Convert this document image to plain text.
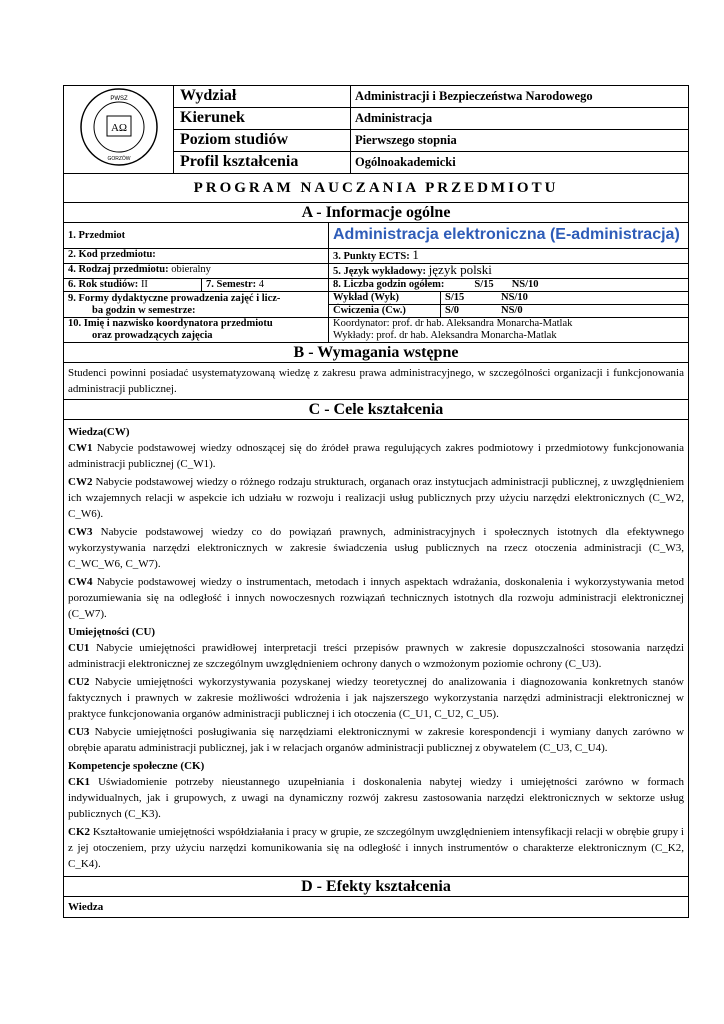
AΩ
PWSZ
GORZÓW	Wydział	Administracji i Bezpieczeństwa Narodowego
	Kierunek	Administracja
	Poziom studiów	Pierwszego stopnia
	Profil kształcenia	Ogólnoakademicki
PROGRAM NAUCZANIA PRZEDMIOTU
A - Informacje ogólne
1. Przedmiot		Administracja elektroniczna (E-administracja)	
2. Kod przedmiotu:		3. Punkty ECTS: 1	
4. Rodzaj przedmiotu: obieralny		5. Język wykładowy: język polski	
6. Rok studiów: II	7. Semestr: 4	8. Liczba godzin ogółem: S/15 NS/10	
9. Formy dydaktyczne prowadzenia zajęć i licz-
ba godzin w semestrze:		Wykład (Wyk)	S/15 NS/10
		Ćwiczenia (Ćw.)	S/0 NS/0
10. Imię i nazwisko koordynatora przedmiotu
oraz prowadzących zajęcia		Koordynator: prof. dr hab. Aleksandra Monarcha-Matlak
Wykłady: prof. dr hab. Aleksandra Monarcha-Matlak	
B - Wymagania wstępne
Studenci powinni posiadać usystematyzowaną wiedzę z zakresu prawa administracyjnego, w szczególności organizacji i funkcjonowania administracji publicznej.
C - Cele kształcenia

Wiedza(CW)

CW1 Nabycie podstawowej wiedzy odnoszącej się do źródeł prawa regulujących zakres podmiotowy i przedmiotowy funkcjonowania administracji publicznej (C_W1).

CW2 Nabycie podstawowej wiedzy o różnego rodzaju strukturach, organach oraz instytucjach administracji publicznej, z uwzględnieniem ich wzajemnych relacji w aspekcie ich udziału w rozwoju i realizacji usług publicznych przy użyciu narzędzi elektronicznych (C_W2, C_W6).

CW3 Nabycie podstawowej wiedzy co do powiązań prawnych, administracyjnych i społecznych istotnych dla efektywnego wykorzystywania narzędzi elektronicznych w zakresie świadczenia usług publicznych na rzecz otoczenia administracji (C_W3, C_WC_W6, C_W7).

CW4 Nabycie podstawowej wiedzy o instrumentach, metodach i innych aspektach wdrażania, doskonalenia i wykorzystywania metod porozumiewania się na odległość i innych nowoczesnych rozwiązań technicznych istotnych dla rozwoju administracji elektronicznej (C_W7).

Umiejętności (CU)

CU1 Nabycie umiejętności prawidłowej interpretacji treści przepisów prawnych w zakresie dopuszczalności stosowania narzędzi administracji elektronicznej ze szczególnym uwzględnieniem ochrony danych o wzmożonym poziomie ochrony (C_U3).

CU2 Nabycie umiejętności wykorzystywania pozyskanej wiedzy teoretycznej do analizowania i diagnozowania konkretnych stanów faktycznych i prawnych w zakresie możliwości wdrożenia i jak najszerszego wykorzystania narzędzi administracji elektronicznej w praktyce funkcjonowania organów administracji publicznej i ich otoczenia (C_U1, C_U2, C_U5).

CU3 Nabycie umiejętności posługiwania się narzędziami elektronicznymi w zakresie korespondencji i wymiany danych zarówno w obrębie aparatu administracji publicznej, jak i w relacjach organów administracji publicznej z obywatelem (C_U3, C_U4).

Kompetencje społeczne (CK)

CK1 Uświadomienie potrzeby nieustannego uzupełniania i doskonalenia nabytej wiedzy i umiejętności zarówno w formach indywidualnych, jak i grupowych, z uwagi na dynamiczny rozwój zakresu zastosowania narzędzi elektronicznych w sektorze usług publicznych (C_K3).

CK2 Kształtowanie umiejętności współdziałania i pracy w grupie, ze szczególnym uwzględnieniem intensyfikacji relacji w obrębie grupy i z jej otoczeniem, przy użyciu narzędzi komunikowania się na odległość i innych instrumentów o charakterze elektronicznym (C_K2, C_K4).

D - Efekty kształcenia
Wiedza
